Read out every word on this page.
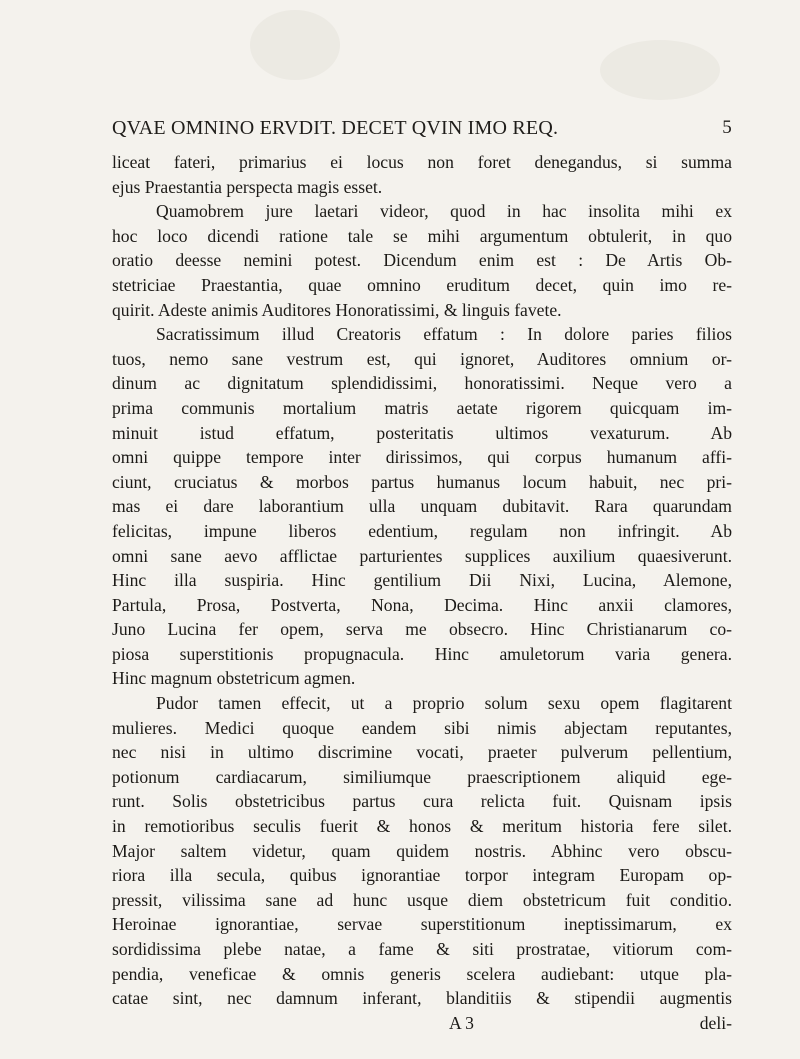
QVAE OMNINO ERVDIT. DECET QVIN IMO REQ.	5
liceat fateri, primarius ei locus non foret denegandus, si summa
ejus Praestantia perspecta magis esset.
Quamobrem jure laetari videor, quod in hac insolita mihi ex
hoc loco dicendi ratione tale se mihi argumentum obtulerit, in quo
oratio deesse nemini potest. Dicendum enim est : De Artis Ob-
stetriciae Praestantia, quae omnino eruditum decet, quin imo re-
quirit. Adeste animis Auditores Honoratissimi, & linguis favete.
Sacratissimum illud Creatoris effatum : In dolore paries filios
tuos, nemo sane vestrum est, qui ignoret, Auditores omnium or-
dinum ac dignitatum splendidissimi, honoratissimi. Neque vero a
prima communis mortalium matris aetate rigorem quicquam im-
minuit istud effatum, posteritatis ultimos vexaturum. Ab
omni quippe tempore inter dirissimos, qui corpus humanum affi-
ciunt, cruciatus & morbos partus humanus locum habuit, nec pri-
mas ei dare laborantium ulla unquam dubitavit. Rara quarundam
felicitas, impune liberos edentium, regulam non infringit. Ab
omni sane aevo afflictae parturientes supplices auxilium quaesiverunt.
Hinc illa suspiria. Hinc gentilium Dii Nixi, Lucina, Alemone,
Partula, Prosa, Postverta, Nona, Decima. Hinc anxii clamores,
Juno Lucina fer opem, serva me obsecro. Hinc Christianarum co-
piosa superstitionis propugnacula. Hinc amuletorum varia genera.
Hinc magnum obstetricum agmen.
Pudor tamen effecit, ut a proprio solum sexu opem flagitarent
mulieres. Medici quoque eandem sibi nimis abjectam reputantes,
nec nisi in ultimo discrimine vocati, praeter pulverum pellentium,
potionum cardiacarum, similiumque praescriptionem aliquid ege-
runt. Solis obstetricibus partus cura relicta fuit. Quisnam ipsis
in remotioribus seculis fuerit & honos & meritum historia fere silet.
Major saltem videtur, quam quidem nostris. Abhinc vero obscu-
riora illa secula, quibus ignorantiae torpor integram Europam op-
pressit, vilissima sane ad hunc usque diem obstetricum fuit conditio.
Heroinae ignorantiae, servae superstitionum ineptissimarum, ex
sordidissima plebe natae, a fame & siti prostratae, vitiorum com-
pendia, veneficae & omnis generis scelera audiebant: utque pla-
catae sint, nec damnum inferant, blanditiis & stipendii augmentis
A 3	deli-
